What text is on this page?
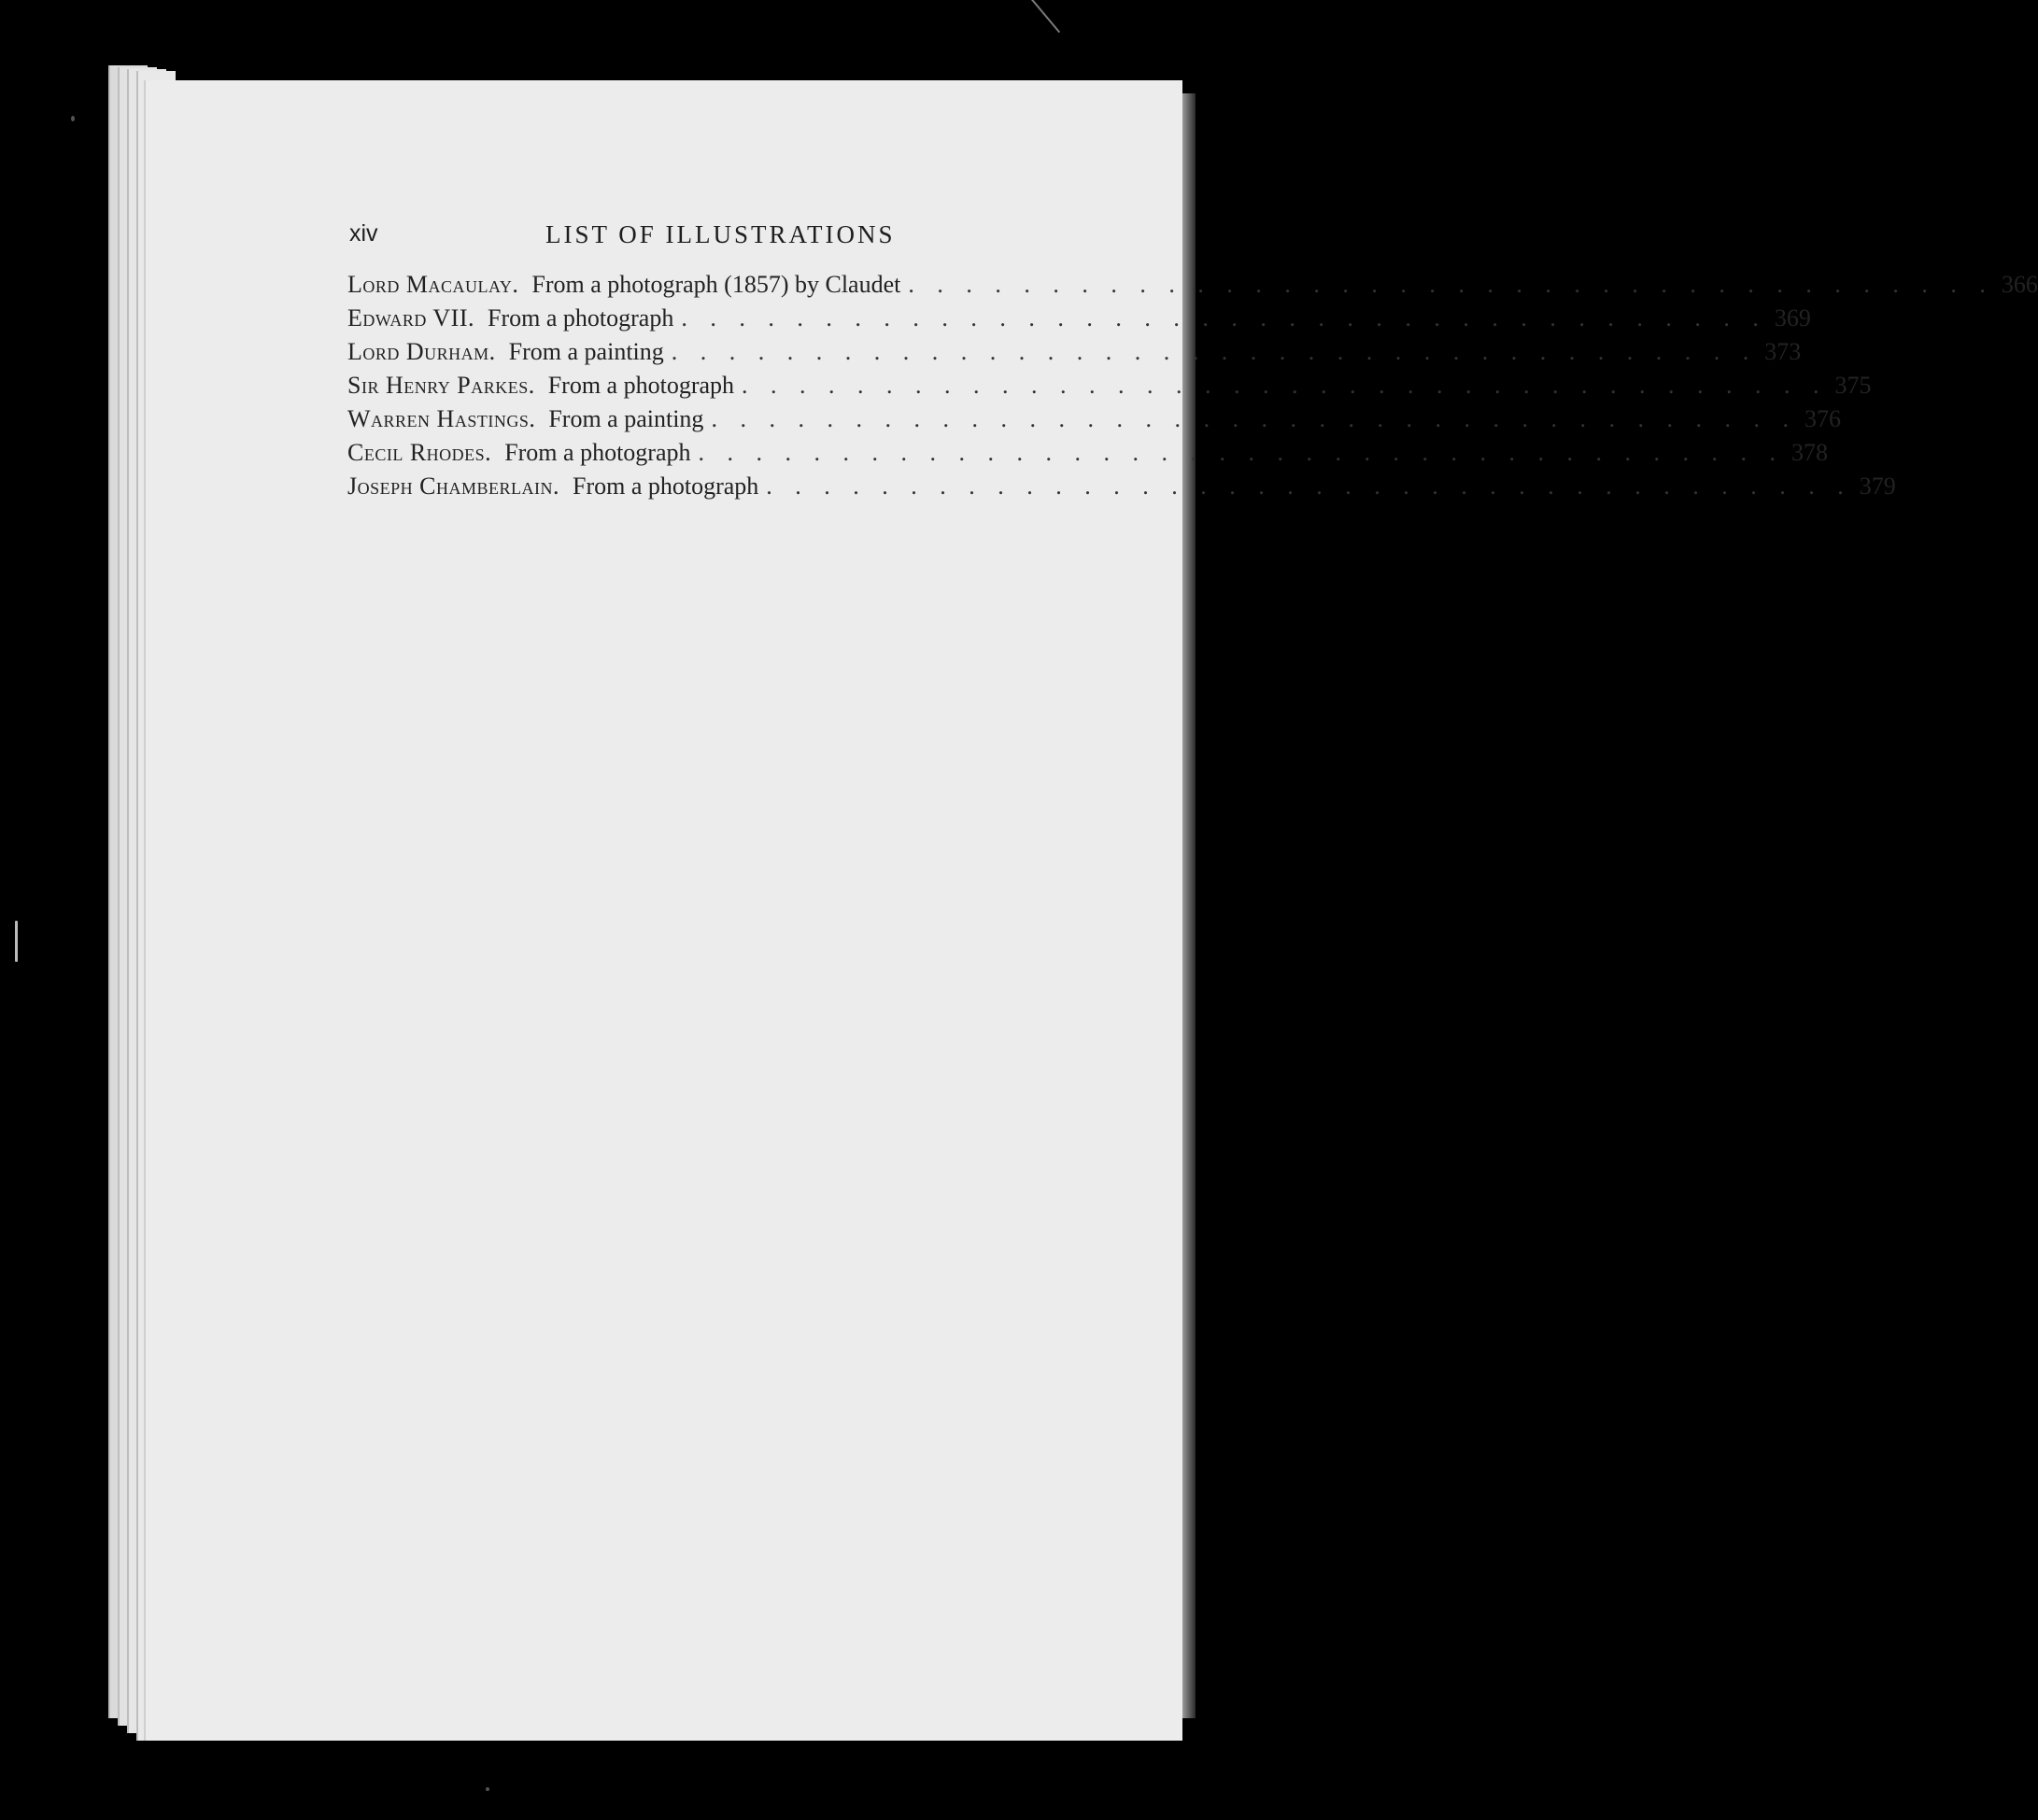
xiv	LIST OF ILLUSTRATIONS
Lord Macaulay. From a photograph (1857) by Claudet . . . . . . . . . . . . . . . . . . . . . . . . . . . . . . . . . . . . . . 366
Edward VII. From a photograph . . . . . . . . . . . . . . . . . . . . . . . . . . . . . . . . . . . . . . 369
Lord Durham. From a painting . . . . . . . . . . . . . . . . . . . . . . . . . . . . . . . . . . . . . . 373
Sir Henry Parkes. From a photograph . . . . . . . . . . . . . . . . . . . . . . . . . . . . . . . . . . . . . . 375
Warren Hastings. From a painting . . . . . . . . . . . . . . . . . . . . . . . . . . . . . . . . . . . . . . 376
Cecil Rhodes. From a photograph . . . . . . . . . . . . . . . . . . . . . . . . . . . . . . . . . . . . . . 378
Joseph Chamberlain. From a photograph . . . . . . . . . . . . . . . . . . . . . . . . . . . . . . . . . . . . . . 379
